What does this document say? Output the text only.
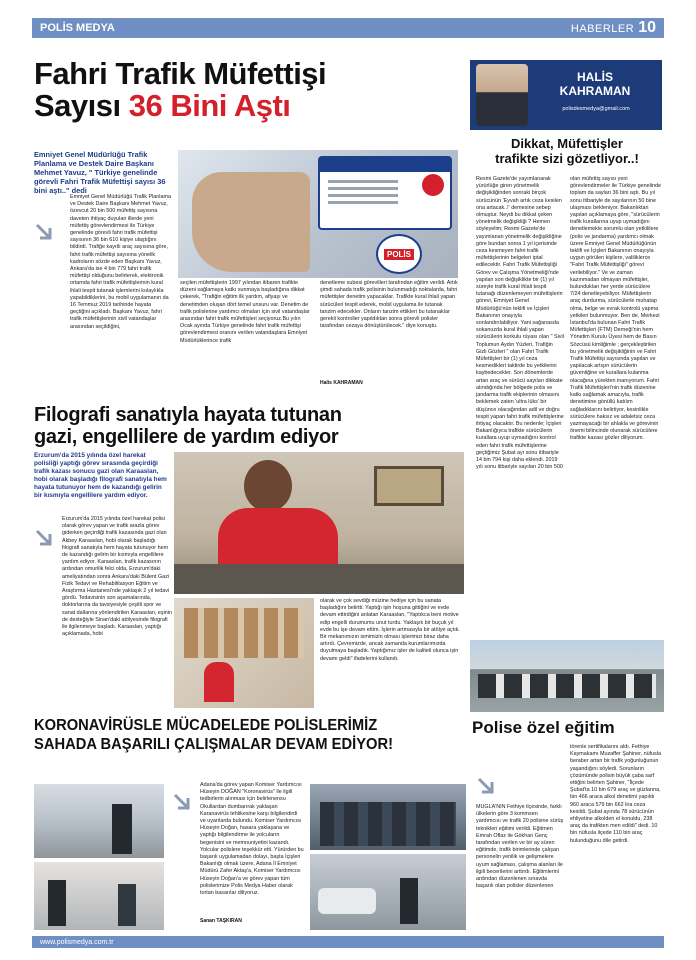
POLİS MEDYA	HABERLER 10
Fahri Trafik Müfettişi
Sayısı 36 Bini Aştı
Emniyet Genel Müdürlüğü Trafik Planlama ve Destek Daire Başkanı Mehmet Yavuz, " Türkiye genelinde görevli Fahri Trafik Müfettişi sayısı 36 bini aştı.." dedi
POLİS
Emniyet Genel Müdürlüğü Trafik Planlama ve Destek Daire Başkanı Mehmet Yavuz, özevcut 20 bin 500 müfettiş sayısına daveten ihtiyaç duyulan illerde yeni müfettiş görevlendirmesi ile Türkiye genelinde görevli fahri trafik müfettişi sayısının 36 bin 610 kişiye ulaştığını bildirdi. Trafiğe kayıtlı araç sayısına göre, fahri trafik müfettişi sayısına yönelik kadroların sözde eden Başkanı Yavuz, Ankara'da ise 4 bin 779 fahri trafik müfettişi olduğunu belirterek, elektronik ortamda fahri trafik müfettişlerinin kural ihlali tespit tutanak işlemlerini kolaylıkla yapabildiklerini, bu mobil uygulamanın da 16 Temmuz 2019 tarihinde hayata geçtiğini açıkladı. Başkanı Yavuz, fahri trafik müfettişlerinin sivil vatandaşlar arasından seçildiğini,
seçilen müfettişlerin 1997 yılından itibaren trafikte düzeni sağlamaya katkı sunmaya başladığına dikkat çekerek, "Trafiğin eğitim ilk yardım, afiyaşı ve denetimden oluşan dört temel unsuru var. Denetim de trafik polislerine yardımcı olmaları için sivil vatandaşlar arasından fahri trafik müfettişleri seçiyoruz.Bu yılın Ocak ayında Türkiye genelinde fahri trafik müfettişi görevlendirmesi oranını verilen vatandaşlara Emniyet Müdürlüklerince trafik
denetleme subesi görevlileri tarafından eğitim verildi. Artık şimdi sahada trafik polisinin bulunmadığı noktalarda, fahri müfettişler denetim yapacaklar. Trafikte kural ihlali yapan sürücüleri tespit ederek, mobil uygulama ile tutanak tanzim edecekler. Onların tanzim ettikleri bu tutanaklar gerekli kontroller yapıldıktan sonra görevli polisler tarafından cezaya dönüştürülecek." diye konuştu.
Halis KAHRAMAN
Filografi sanatıyla hayata tutunan
gazi, engellilere de yardım ediyor
Erzurum'da 2015 yılında özel harekat polisliği yaptığı görev sırasında geçirdiği trafik kazası sonucu gazi olan Karaaslan, hobi olarak başladığı filografi sanatıyla hem hayata tutunuyor hem de kazandığı gelirin bir kısmıyla engellilere yardım ediyor.
Erzurum'da 2015 yılında özel harekat polisi olarak görev yapan ve trafik arazla görev giderken geçirdiği trafik kazasında gazi olan Akbey Karaaslan, hobi olarak başladığı filografi sanatıyla hem hayata tutunuyor hem de kazandığı gelirin bir kısmıyla engellilere yardım ediyor. Karaaslan, trafik kazasının ardından omurilik felci olda, Erzurum'daki ameliyatından sonra Ankara'daki Bülent Gazi Fizik Tedavi ve Rehabilitasyon Eğitim ve Araştırma Hastanesi'nde yaklaşık 2 yıl tedavi gördü. Tedavisinin son aşamalarında, doktorlarına da tavsiyesiyle çeşitli spor ve sanat dallarına yönlendirilen Karaaslan, eşinin de desteğiyle Sinan'daki atölyesinde filografi ile ilgilenmeye başladı. Karaaslan, yaptığı açıklamada, hobi
olarak ve çok sevdiği müzine hediye için bu sanata başladığını belirtti. Yaptığı işin hoşuna gittiğini ve evde devam ettirdiğini anlatan Karaaslan, "Yaptıkca beni motive edip engelli durumumu unut turdu. Yaklaşık bir buçuk yıl evde bu işe devam ettim. İşlerin artmasıyla bir atölye açtık. Bir mekanımızın ismimizin olması işlerimizi biraz daha artırdı. Çevremizde, ancak zamanda kurumlarımızda duyulmaya başladık. Yaptığımız işler de kaliteli olunca işin devamı geldi" ifadelerini kullandı.
HALİS
KAHRAMAN
polisdesmedya@gmail.com
Dikkat, Müfettişler
trafikte sizi gözetliyor..!
Resmi Gazete'de yayımlanarak yürürlüğe giren yönetmelik değişikliğinden sonraki birçok sürücünün 'Eyvah artık ceza kesilen ona artacak..!' demesine sebep olmuştur. Neydi bu dikkat çeken yönetmelik değişikliği ? Hemen söyleyelim; Resmi Gazete'de yayımlanan yönetmelik değişikliğine göre bundan sonra 1 yıl içerisinde ceza kesmeyen fahri trafik müfettişlerinin belgeleri iptal edilecektir. Fahri Trafik Müfettişliği Görev ve Çalışma Yönetmeliği'nde yapılan son değişiklikte bir (1) yıl süreyle trafik kural ihlali tespit tutanağı düzenlemeyen müfettişlerin görevi, Emniyet Genel Müdürlüğü'nün teklifi ve İçişleri Bakanının onayıyla sonlandırılabiliyor. Yani sağanasda sokanuzda kural ihlali yapan sürücülerin korkulu rüyası olan " Sivil Toplumun Aydın Yüzleri, Trafiğin Gizli Gözleri " olan Fahri Trafik Müfettişleri bir (1) yıl ceza kesmedikleri taktirde bu yetkilerini kaybedecekler. Son dönemlerde artan araç ve sürücü sayıları dikkate alındığında her bölgede polis ve jandarma trafik ekiplerinin olmasını beklemek zaten 'ultra lüks' bir düşünce olacağından adil ve doğru tespit yapan fahri trafik müfettişlerine ihtiyaç olacaktır. Bu nedenle; İçişleri Bakanlığıyca trafikte sürücülerin kurallara uyup uymadığını kontrol eden fahri trafik müfettişlerine geçtiğimiz Şubat ayı sonu itibariyle 14 bin 794 kişi daha eklendi. 2019 yılı sonu itibariyle sayıları 20 bin 500
olan müfettiş sayısı yeni görevlendirmeler ile Türkiye genelinde toplam da sayları 36 bini aştı. Bu yıl sonu itibariyle de sayılarının 50 bine ulaşması bekleniyor. Bakanlıktan yapılan açıklamaya göre, "sürücülerin trafik kurallarına uyup uymadığını denetlemekle sorumlu olan yetkililere (polis ve jandarma) yardımcı olmak üzere Emniyet Genel Müdürlüğünün teklifi ve İçişleri Bakanının onayıyla uygun görülen kişilere, valiliklerce "Fahri Trafik Müfettişliği" görevi verilebiliyor." Ve ve zaman kazınmadan olmayan müfettişler, bulundukları her yerde sürücülere 7/24 denetleyebiliyor. Müfettişlerin araç durdurma, sürücülerle muhatap olma, belge ve evrak kontrolü yapma yetkileri bulunmuyor. Ben de, Merkezi İstanbul'da bulunan Fahri Trafik Müfettişleri (FTM) Derneği'nin hem Yönetim Kurulu Üyesi hem de Basın Sözcüsü kimliğimle ; gerçekleştirilen bu yönetmelik değişikliğinin ve Fahri Trafik Müfettişi sayısında yapılan ve yapılacak artışın sürücülerin güvenliğine ve kurallara kulanma olacağına yürekten inanıyorum. Fahri Trafik Müfettişleri'nin trafik düzenine katkı sağlamak amacıyla, trafik denetimine gönüllü katılım sağladıklarını belirtiyor, kesinlikle sürücülere haksız ve adaletsiz ceza yazmayacağı bir ahlakla ve görevinin önemi bilincinde olunarak sürücülere trafikte kazası gözler diliyorum.
KORONAVİRÜSLE MÜCADELEDE POLİSLERİMİZ
SAHADA BAŞARILI ÇALIŞMALAR DEVAM EDİYOR!
Adana'da görev yapan Komiser Yardımcısı Hüseyin DOĞAN "Koronavirüs" ile ilgili tedbirlerin alınması için belirlenensu Okullardan dumbarırak yaklaşan Karanavirüs tehlikesine karşı bilgilendirdi ve uyarılarda bulundu. Komiser Yardımcısı Hüseyin Doğan, hasara yaklaşana ve yaptığı bilgilendirme ile yolcuların begenisini ve memnuniyetini kazandı. Yolcular polislere teşekkür etti. Yürürden bu başarılı uygulamadan dolayı, başta İçişleri Bakanlığı olmak üzere, Adana İl Emniyet Müdürü Zafer Aktaş'a, Komiser Yardımcısı Hüseyin Doğan'a ve görev yapan tüm polislerimize Polis Medya Haber olarak tortan basarılar diliyoruz.
Sanan TAŞKIRAN
Polise özel eğitim
MUĞLA'NIN Fethiye ilçesinde, farklı ülkelerin göre 3 kommsen yardımcısı ve trafik 20 polisine sürüş teknikleri eğitimi verildi. Eğitmen Emrah Oflaz ile Gökhan Genç tarafından verilen ve bir ay süren eğitimde, trafik birimlerinde çalışan personelin yenilik ve gelişmelere uyum sağlaması, çalışma alanları ile ilgili becerilerini arttırdı. Eğitimlerini ardından düzenlenen sınavda başarılı olan polisler düzenlenen
törenle sertifikalarını aldı. Fethiye Kaymakamı Muzaffer Şahiner, nüfusla beraber artan bir trafik yoğunluğunun yaşandığını söyledi. Sorunların çözümünde polisin büyük çaba sarf ettiğini belirten Şahiner, "İlçede Şubat'ta 10 bin 679 araç ve güzlarına, bin 466 araca alkol denetimi yapıldı 960 araca 579 bin 662 lira ceza kesildi. Şubat ayında 78 sürücünün ehliyetine alkolden el konuldu, 238 araç da trafikten men edildi" dedi. 10 bin nüfusla ilçede 110 bin araç bulunduğunu dile getirdi.
www.polismedya.com.tr
